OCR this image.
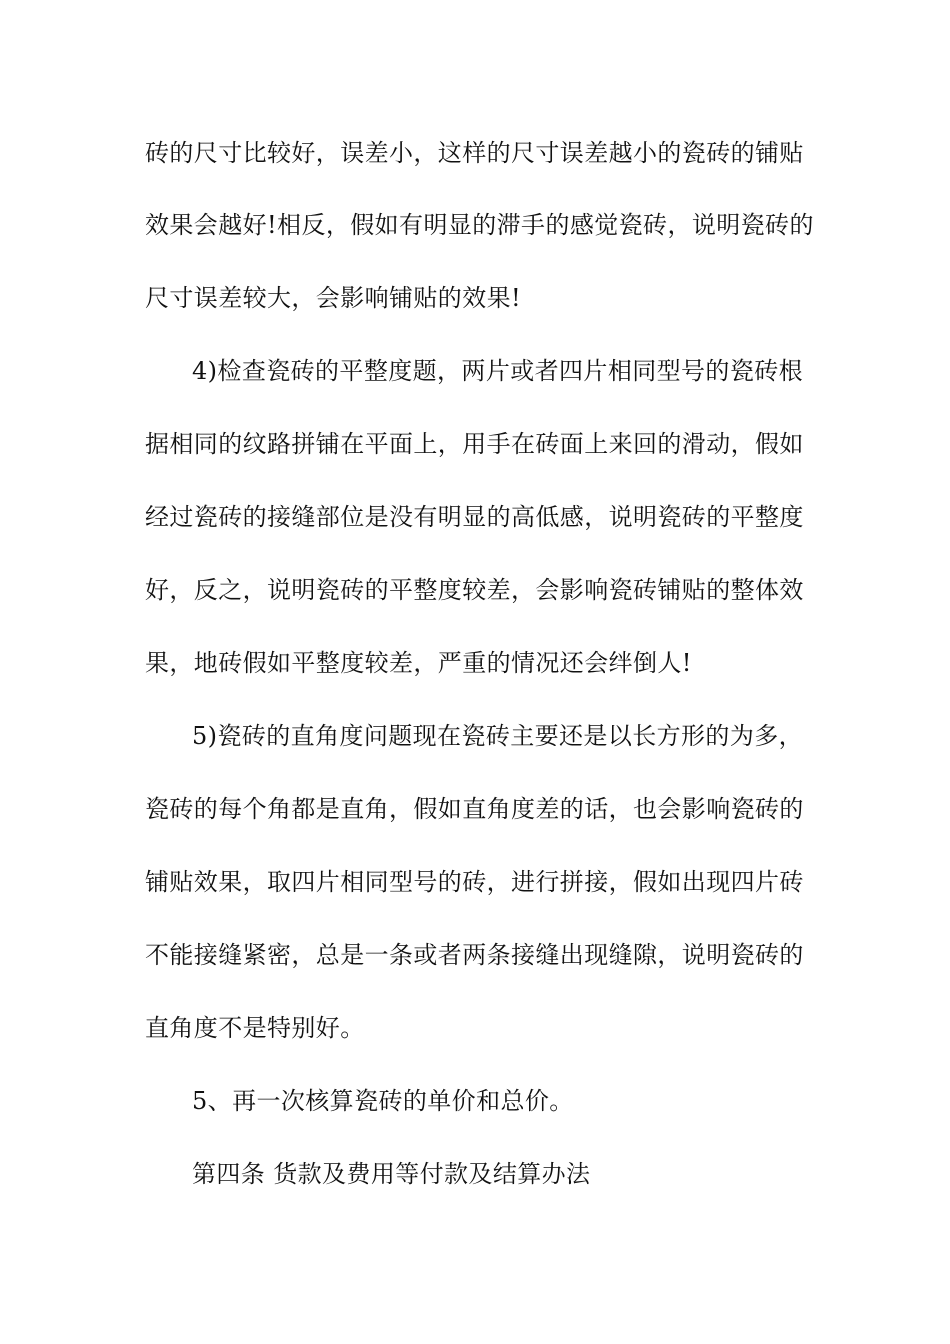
砖的尺寸比较好，误差小，这样的尺寸误差越小的瓷砖的铺贴
效果会越好!相反，假如有明显的滞手的感觉瓷砖，说明瓷砖的
尺寸误差较大，会影响铺贴的效果!
4)检查瓷砖的平整度题，两片或者四片相同型号的瓷砖根
据相同的纹路拼铺在平面上，用手在砖面上来回的滑动，假如
经过瓷砖的接缝部位是没有明显的高低感，说明瓷砖的平整度
好，反之，说明瓷砖的平整度较差，会影响瓷砖铺贴的整体效
果，地砖假如平整度较差，严重的情况还会绊倒人!
5)瓷砖的直角度问题现在瓷砖主要还是以长方形的为多，
瓷砖的每个角都是直角，假如直角度差的话，也会影响瓷砖的
铺贴效果，取四片相同型号的砖，进行拼接，假如出现四片砖
不能接缝紧密，总是一条或者两条接缝出现缝隙，说明瓷砖的
直角度不是特别好。
5、再一次核算瓷砖的单价和总价。
第四条 货款及费用等付款及结算办法
